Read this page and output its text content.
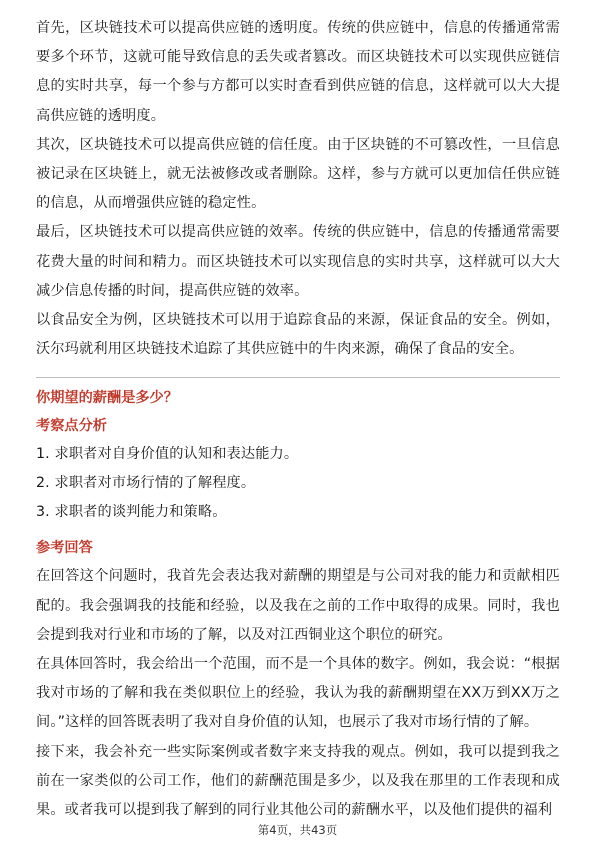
首先，区块链技术可以提高供应链的透明度。传统的供应链中，信息的传播通常需要多个环节，这就可能导致信息的丢失或者篡改。而区块链技术可以实现供应链信息的实时共享，每一个参与方都可以实时查看到供应链的信息，这样就可以大大提高供应链的透明度。

其次，区块链技术可以提高供应链的信任度。由于区块链的不可篡改性，一旦信息被记录在区块链上，就无法被修改或者删除。这样，参与方就可以更加信任供应链的信息，从而增强供应链的稳定性。

最后，区块链技术可以提高供应链的效率。传统的供应链中，信息的传播通常需要花费大量的时间和精力。而区块链技术可以实现信息的实时共享，这样就可以大大减少信息传播的时间，提高供应链的效率。

以食品安全为例，区块链技术可以用于追踪食品的来源，保证食品的安全。例如，沃尔玛就利用区块链技术追踪了其供应链中的牛肉来源，确保了食品的安全。

你期望的薪酬是多少？

考察点分析

1. 求职者对自身价值的认知和表达能力。

2. 求职者对市场行情的了解程度。

3. 求职者的谈判能力和策略。

参考回答

在回答这个问题时，我首先会表达我对薪酬的期望是与公司对我的能力和贡献相匹配的。我会强调我的技能和经验，以及我在之前的工作中取得的成果。同时，我也会提到我对行业和市场的了解，以及对江西铜业这个职位的研究。

在具体回答时，我会给出一个范围，而不是一个具体的数字。例如，我会说：“根据我对市场的了解和我在类似职位上的经验，我认为我的薪酬期望在XX万到XX万之间。”这样的回答既表明了我对自身价值的认知，也展示了我对市场行情的了解。

接下来，我会补充一些实际案例或者数字来支持我的观点。例如，我可以提到我之前在一家类似的公司工作，他们的薪酬范围是多少，以及我在那里的工作表现和成果。或者我可以提到我了解到的同行业其他公司的薪酬水平，以及他们提供的福利

第4页，共43页
